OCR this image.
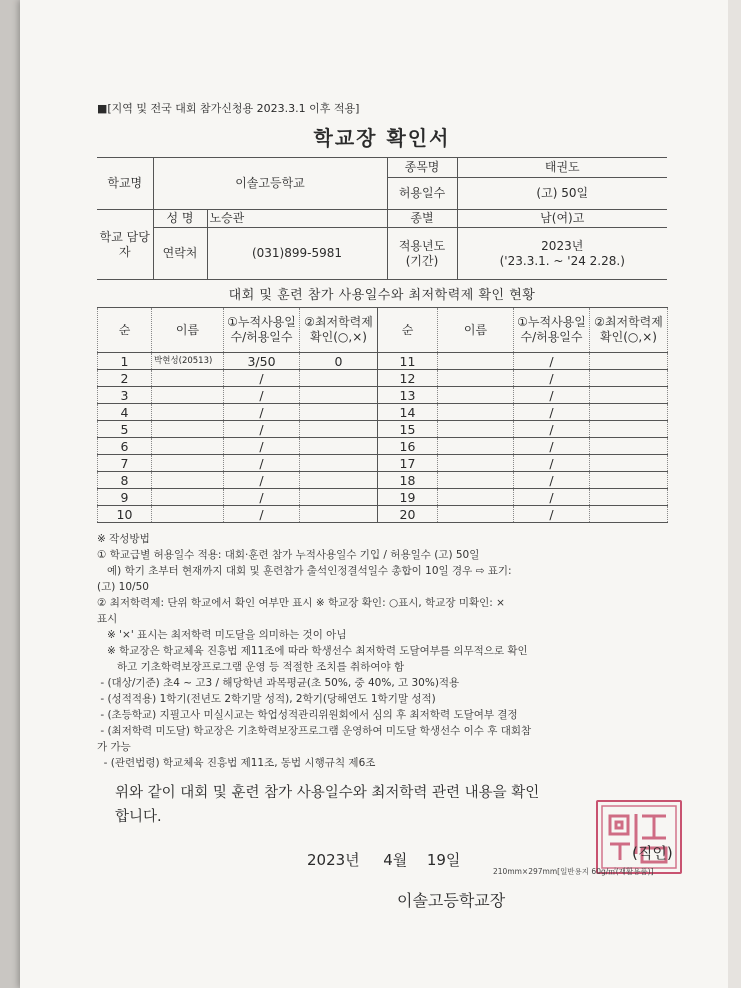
■[지역 및 전국 대회 참가신청용 2023.3.1 이후 적용]
학교장 확인서
학교명	이솔고등학교		종목명	태권도
			허용일수	(고) 50일
학교 담당자	성 명	노승관	종별	남(여)고
	연락처	(031)899-5981	적용년도 (기간)	2023년
('23.3.1. ~ '24 2.28.)
대회 및 훈련 참가 사용일수와 최저학력제 확인 현황
순	이름	①누적사용일수/허용일수	②최저학력제 확인(○,×)	순	이름	①누적사용일수/허용일수	②최저학력제 확인(○,×)
1	박현성(20513)	3/50	0	11		/	
2		/		12		/	
3		/		13		/	
4		/		14		/	
5		/		15		/	
6		/		16		/	
7		/		17		/	
8		/		18		/	
9		/		19		/	
10		/		20		/	

※ 작성방법

① 학교급별 허용일수 적용: 대회·훈련 참가 누적사용일수 기입 / 허용일수 (고) 50일

예) 학기 초부터 현재까지 대회 및 훈련참가 출석인정결석일수 총합이 10일 경우 ⇨ 표기:

(고) 10/50

② 최저학력제: 단위 학교에서 확인 여부만 표시 ※ 학교장 확인: ○표시, 학교장 미확인: ×

표시

※ '×' 표시는 최저학력 미도달을 의미하는 것이 아님

※ 학교장은 학교체육 진흥법 제11조에 따라 학생선수 최저학력 도달여부를 의무적으로 확인

하고 기초학력보장프로그램 운영 등 적절한 조치를 취하여야 함

- (대상/기준) 초4 ~ 고3 / 해당학년 과목평균(초 50%, 중 40%, 고 30%)적용

- (성적적용) 1학기(전년도 2학기말 성적), 2학기(당해연도 1학기말 성적)

- (초등학교) 지필고사 미실시교는 학업성적관리위원회에서 심의 후 최저학력 도달여부 결정

- (최저학력 미도달) 학교장은 기초학력보장프로그램 운영하여 미도달 학생선수 이수 후 대회참

가 가능

- (관련법령) 학교체육 진흥법 제11조, 동법 시행규칙 제6조

위와 같이 대회 및 훈련 참가 사용일수와 최저학력 관련 내용을 확인
합니다.
2023년 4월 19일
이솔고등학교장
(직인)
210mm×297mm[일반용지 60g/㎡(재활용품)]
